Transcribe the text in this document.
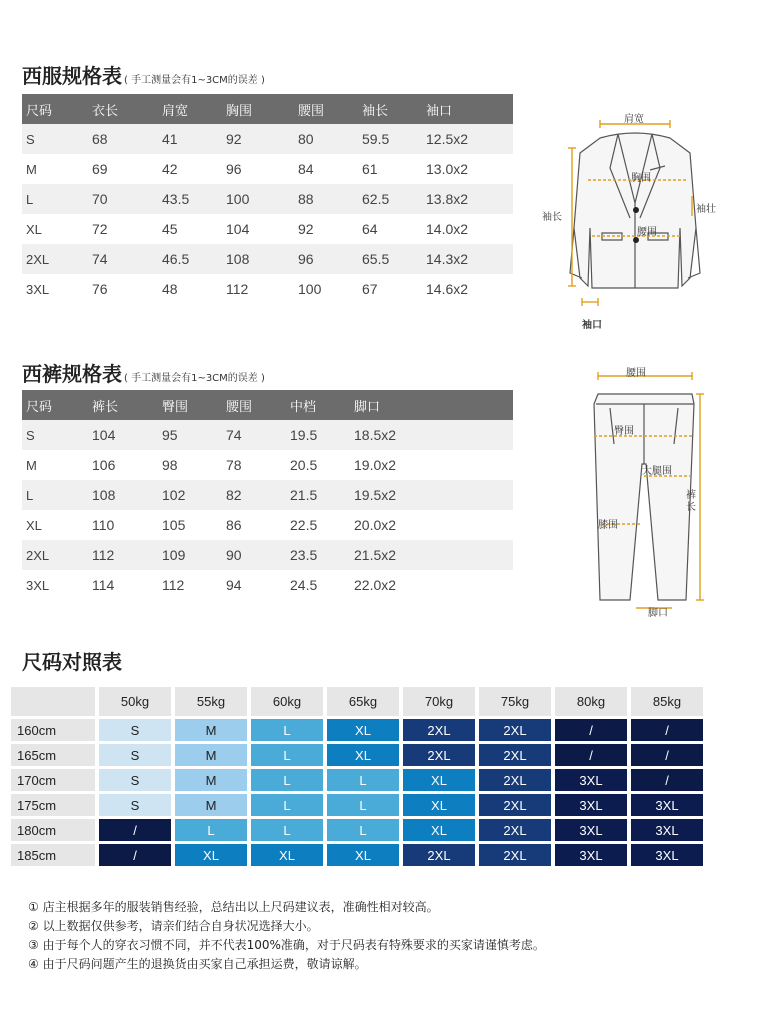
西服规格表 ( 手工测量会有1~3CM的误差 )
尺码	衣长	肩宽	胸围	腰围	袖长	袖口
S	68	41	92	80	59.5	12.5x2
M	69	42	96	84	61	13.0x2
L	70	43.5	100	88	62.5	13.8x2
XL	72	45	104	92	64	14.0x2
2XL	74	46.5	108	96	65.5	14.3x2
3XL	76	48	112	100	67	14.6x2
肩宽
胸围
袖长
袖壮
腰围
袖口
西裤规格表 ( 手工测量会有1~3CM的误差 )
尺码	裤长	臀围	腰围	中档	脚口
S	104	95	74	19.5	18.5x2
M	106	98	78	20.5	19.0x2
L	108	102	82	21.5	19.5x2
XL	110	105	86	22.5	20.0x2
2XL	112	109	90	23.5	21.5x2
3XL	114	112	94	24.5	22.0x2
腰围
臀围
大腿围
裤长
膝围
脚口
尺码对照表
	50kg	55kg	60kg	65kg	70kg	75kg	80kg	85kg
160cm	S	M	L	XL	2XL	2XL	/	/
165cm	S	M	L	XL	2XL	2XL	/	/
170cm	S	M	L	L	XL	2XL	3XL	/
175cm	S	M	L	L	XL	2XL	3XL	3XL
180cm	/	L	L	L	XL	2XL	3XL	3XL
185cm	/	XL	XL	XL	2XL	2XL	3XL	3XL
① 店主根据多年的服装销售经验，总结出以上尺码建议表，准确性相对较高。
② 以上数据仅供参考，请亲们结合自身状况选择大小。
③ 由于每个人的穿衣习惯不同，并不代表100%准确，对于尺码表有特殊要求的买家请谨慎考虑。
④ 由于尺码问题产生的退换货由买家自己承担运费，敬请谅解。
